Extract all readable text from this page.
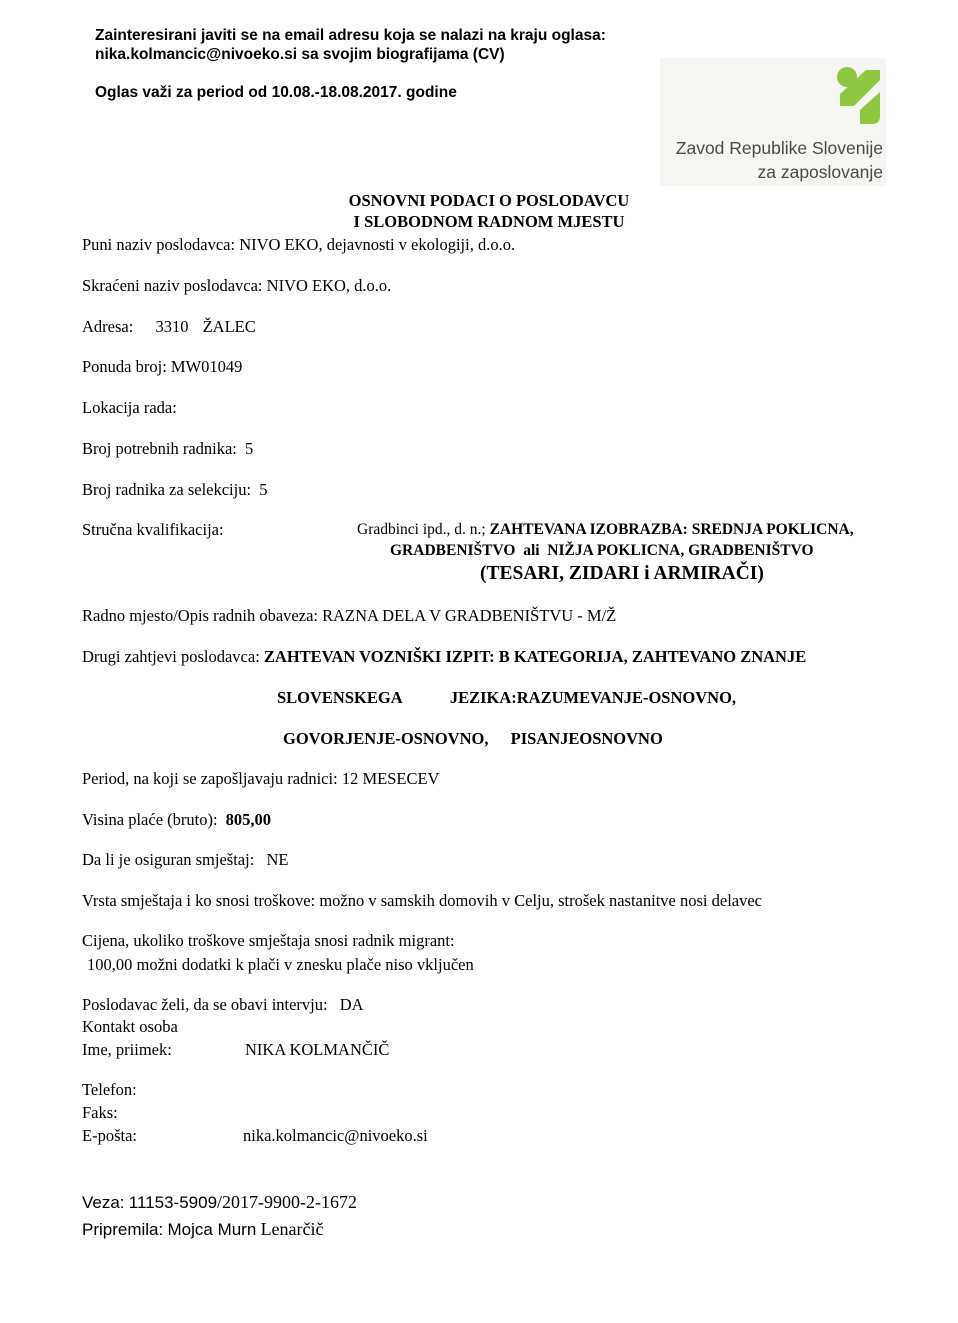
Zainteresirani javiti se na email adresu koja se nalazi na kraju oglasa:
nika.kolmancic@nivoeko.si sa svojim biografijama (CV)
Oglas važi za period od 10.08.-18.08.2017. godine
Zavod Republike Slovenije
za zaposlovanje
OSNOVNI PODACI O POSLODAVCU
I SLOBODNOM RADNOM MJESTU
Puni naziv poslodavca: NIVO EKO, dejavnosti v ekologiji, d.o.o.
Skraćeni naziv poslodavca: NIVO EKO, d.o.o.
Adresa: 3310 ŽALEC
Ponuda broj: MW01049
Lokacija rada:
Broj potrebnih radnika: 5
Broj radnika za selekciju: 5
Stručna kvalifikacija:	Gradbinci ipd., d. n.; ZAHTEVANA IZOBRAZBA: SREDNJA POKLICNA,
GRADBENIŠTVO  ali  NIŽJA POKLICNA, GRADBENIŠTVO
(TESARI, ZIDARI i ARMIRAČI)
Radno mjesto/Opis radnih obaveza: RAZNA DELA V GRADBENIŠTVU - M/Ž
Drugi zahtjevi poslodavca: ZAHTEVAN VOZNIŠKI IZPIT: B KATEGORIJA, ZAHTEVANO ZNANJE
SLOVENSKEGA	JEZIKA:RAZUMEVANJE-OSNOVNO,
GOVORJENJE-OSNOVNO, PISANJEOSNOVNO
Period, na koji se zapošljavaju radnici: 12 MESECEV
Visina plaće (bruto): 805,00
Da li je osiguran smještaj: NE
Vrsta smještaja i ko snosi troškove: možno v samskih domovih v Celju, strošek nastanitve nosi delavec
Cijena, ukoliko troškove smještaja snosi radnik migrant:
100,00 možni dodatki k plači v znesku plače niso vključen
Poslodavac želi, da se obavi intervju: DA
Kontakt osoba
Ime, priimek:	NIKA KOLMANČIČ
Telefon:
Faks:
E-pošta:	nika.kolmancic@nivoeko.si
Veza: 11153-5909/2017-9900-2-1672
Pripremila: Mojca Murn Lenarčič
